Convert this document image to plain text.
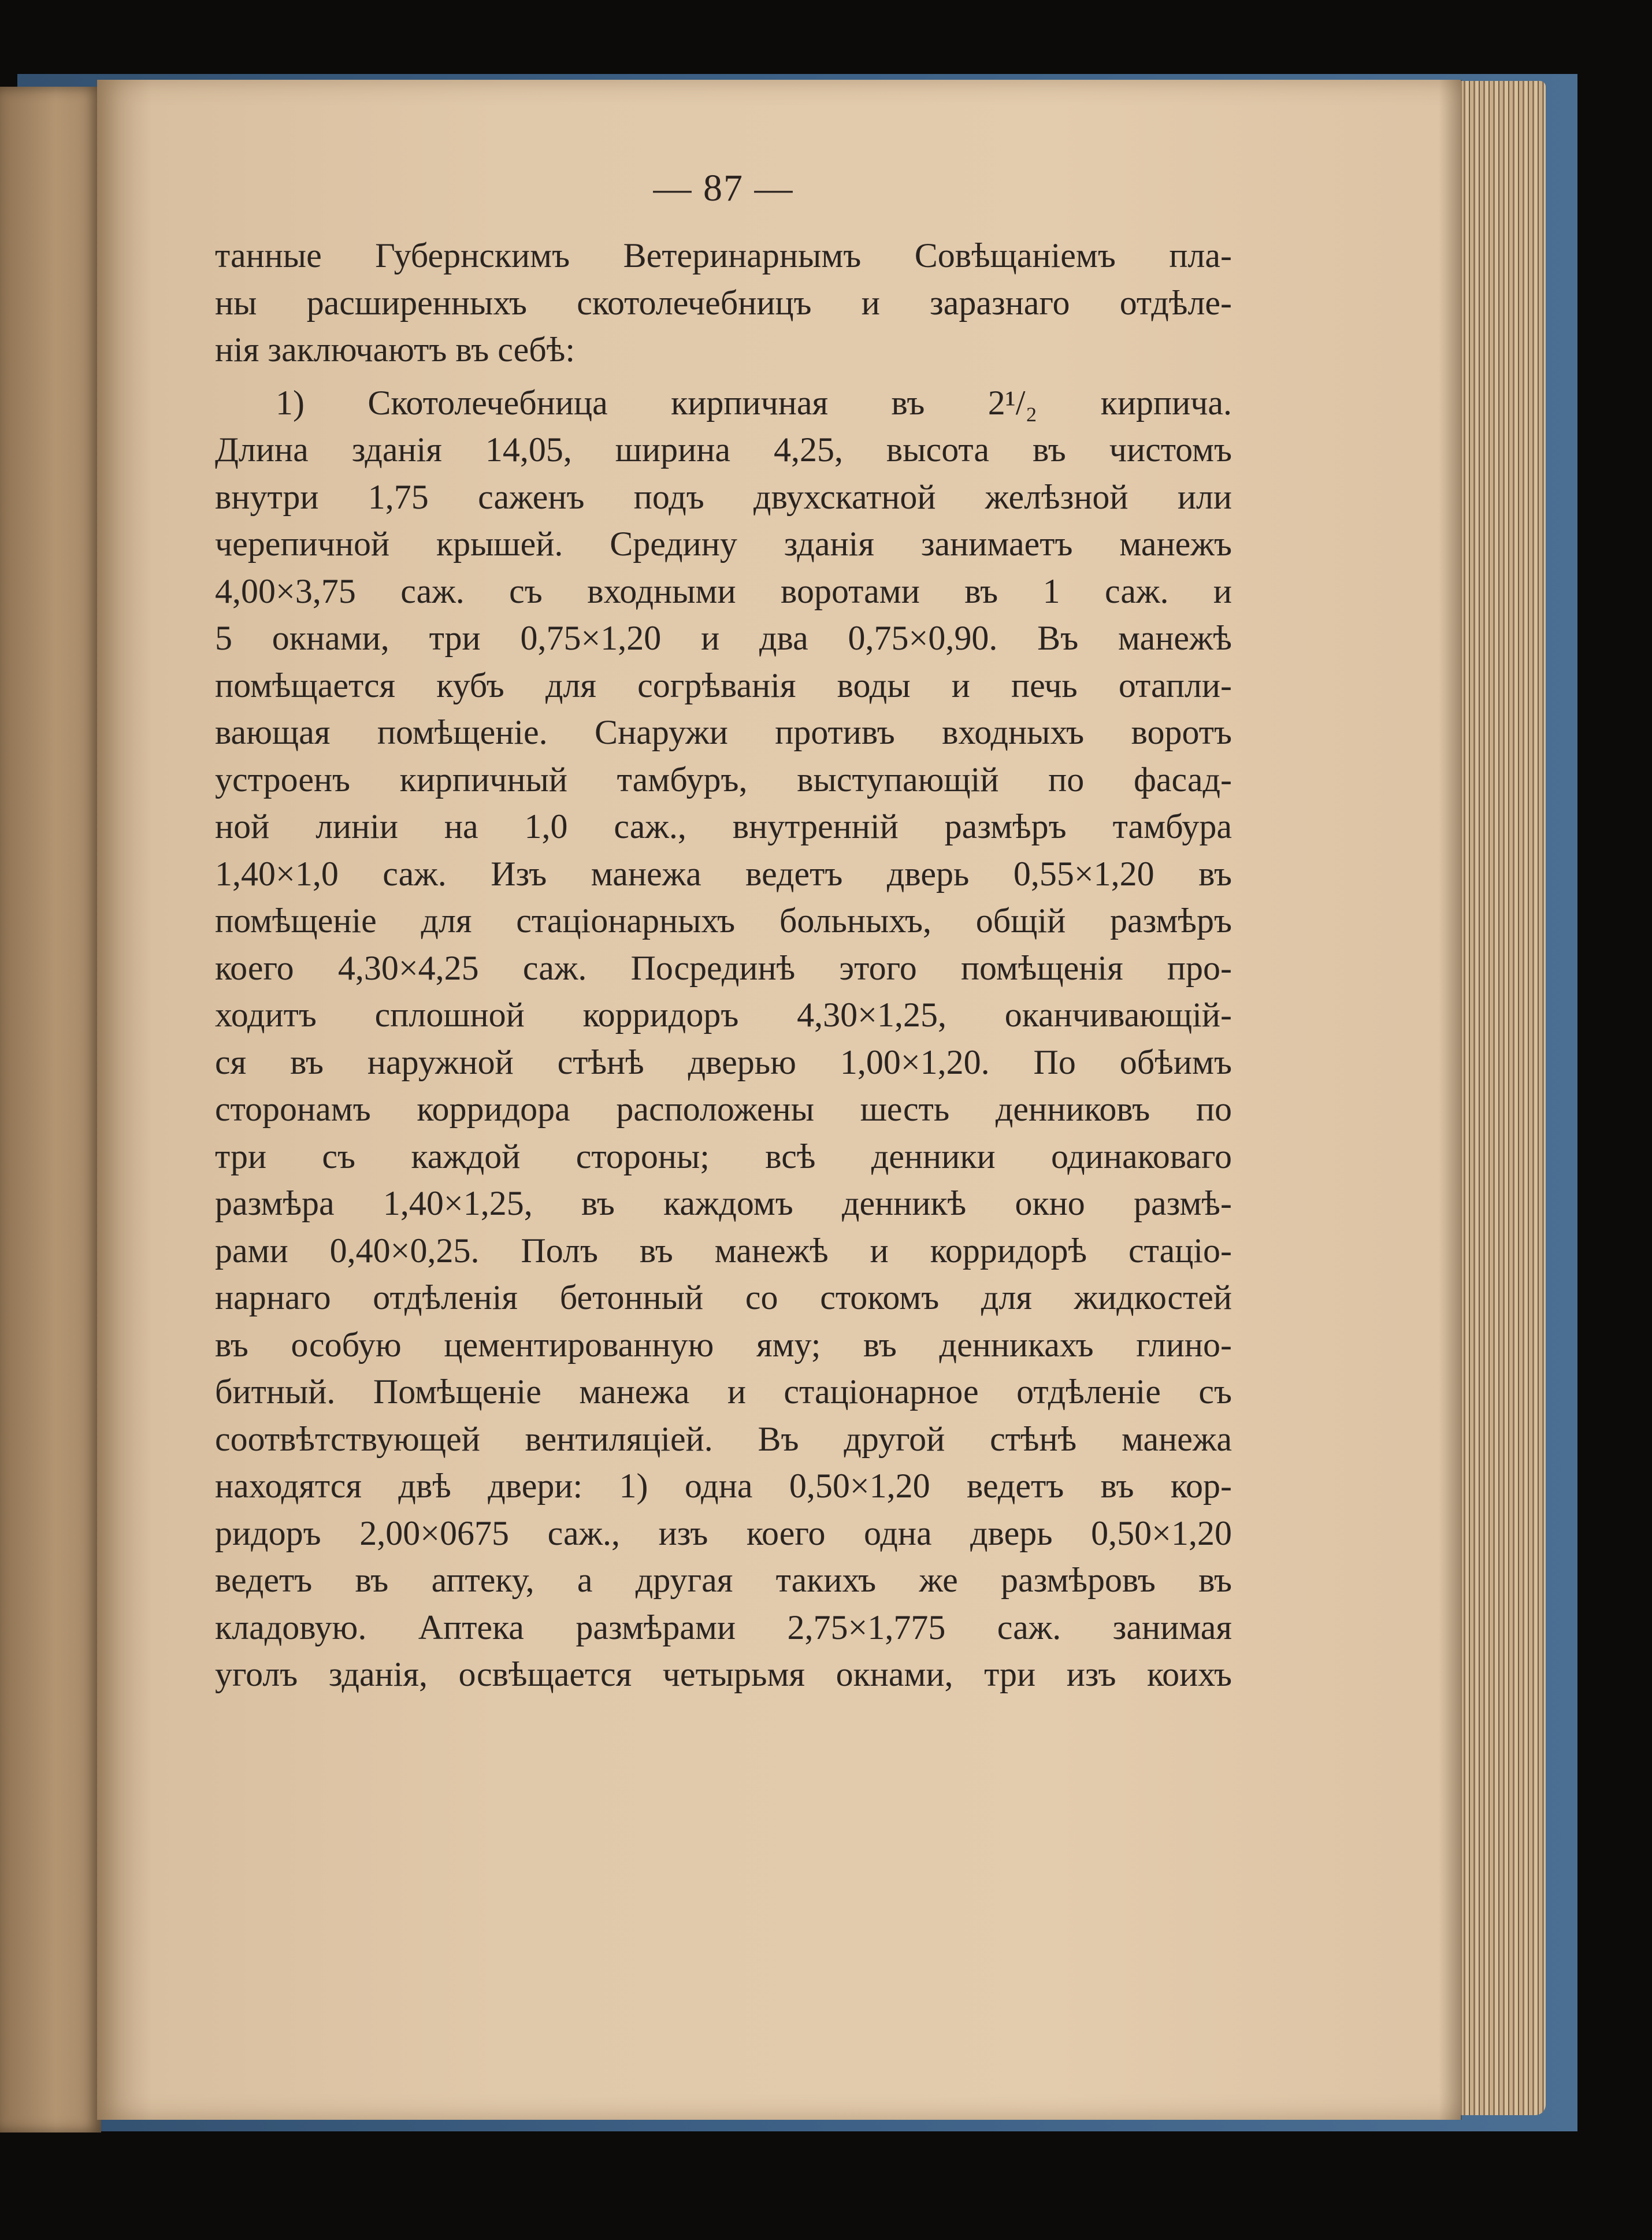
— 87 —
танные Губернскимъ Ветеринарнымъ Совѣщаніемъ пла-
ны расширенныхъ скотолечебницъ и заразнаго отдѣле-
нія заключаютъ въ себѣ:
1) Скотолечебница кирпичная въ 2¹/₂ кирпича.
Длина зданія 14,05, ширина 4,25, высота въ чистомъ
внутри 1,75 саженъ подъ двухскатной желѣзной или
черепичной крышей. Средину зданія занимаетъ манежъ
4,00×3,75 саж. съ входными воротами въ 1 саж. и
5 окнами, три 0,75×1,20 и два 0,75×0,90. Въ манежѣ
помѣщается кубъ для согрѣванія воды и печь отапли-
вающая помѣщеніе. Снаружи противъ входныхъ воротъ
устроенъ кирпичный тамбуръ, выступающій по фасад-
ной линіи на 1,0 саж., внутренній размѣръ тамбура
1,40×1,0 саж. Изъ манежа ведетъ дверь 0,55×1,20 въ
помѣщеніе для стаціонарныхъ больныхъ, общій размѣръ
коего 4,30×4,25 саж. Посрединѣ этого помѣщенія про-
ходитъ сплошной корридоръ 4,30×1,25, оканчивающій-
ся въ наружной стѣнѣ дверью 1,00×1,20. По обѣимъ
сторонамъ корридора расположены шесть денниковъ по
три съ каждой стороны; всѣ денники одинаковаго
размѣра 1,40×1,25, въ каждомъ денникѣ окно размѣ-
рами 0,40×0,25. Полъ въ манежѣ и корридорѣ стаціо-
нарнаго отдѣленія бетонный со стокомъ для жидкостей
въ особую цементированную яму; въ денникахъ глино-
битный. Помѣщеніе манежа и стаціонарное отдѣленіе съ
соотвѣтствующей вентиляціей. Въ другой стѣнѣ манежа
находятся двѣ двери: 1) одна 0,50×1,20 ведетъ въ кор-
ридоръ 2,00×0675 саж., изъ коего одна дверь 0,50×1,20
ведетъ въ аптеку, а другая такихъ же размѣровъ въ
кладовую. Аптека размѣрами 2,75×1,775 саж. занимая
уголъ зданія, освѣщается четырьмя окнами, три изъ коихъ
